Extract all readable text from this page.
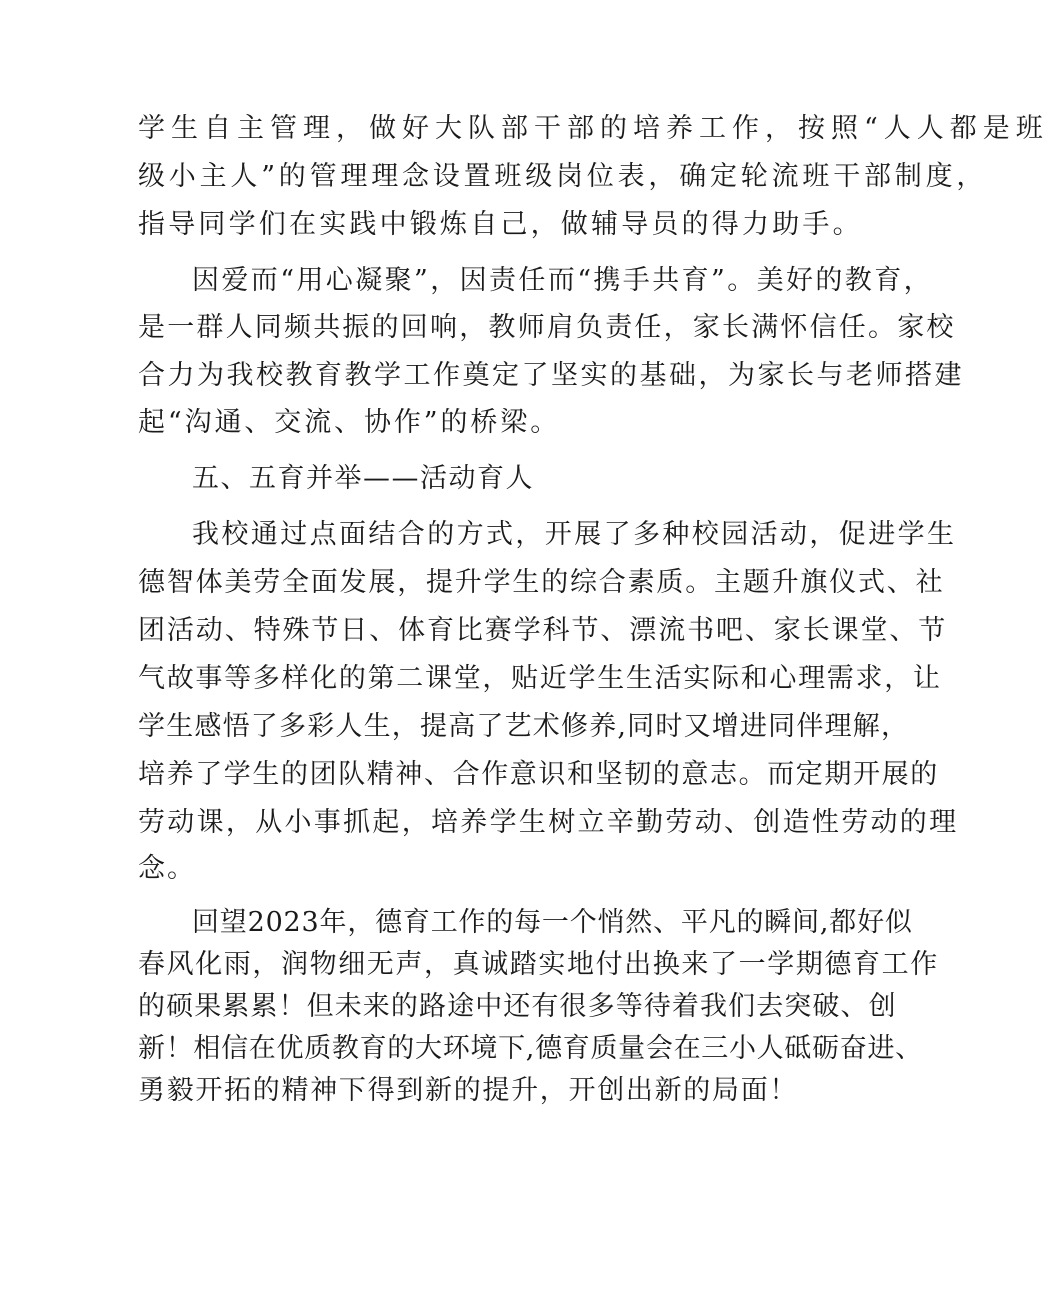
学生自主管理，做好大队部干部的培养工作，按照“人人都是班
级小主人”的管理理念设置班级岗位表，确定轮流班干部制度，
指导同学们在实践中锻炼自己，做辅导员的得力助手。
因爱而“用心凝聚”，因责任而“携手共育”。美好的教育，
是一群人同频共振的回响，教师肩负责任，家长满怀信任。家校
合力为我校教育教学工作奠定了坚实的基础，为家长与老师搭建
起“沟通、交流、协作”的桥梁。
五、五育并举——活动育人
我校通过点面结合的方式，开展了多种校园活动，促进学生
德智体美劳全面发展，提升学生的综合素质。主题升旗仪式、社
团活动、特殊节日、体育比赛学科节、漂流书吧、家长课堂、节
气故事等多样化的第二课堂，贴近学生生活实际和心理需求，让
学生感悟了多彩人生，提高了艺术修养,同时又增进同伴理解，
培养了学生的团队精神、合作意识和坚韧的意志。而定期开展的
劳动课，从小事抓起，培养学生树立辛勤劳动、创造性劳动的理
念。
回望2023年，德育工作的每一个悄然、平凡的瞬间,都好似
春风化雨，润物细无声，真诚踏实地付出换来了一学期德育工作
的硕果累累！但未来的路途中还有很多等待着我们去突破、创
新！相信在优质教育的大环境下,德育质量会在三小人砥砺奋进、
勇毅开拓的精神下得到新的提升，开创出新的局面！
